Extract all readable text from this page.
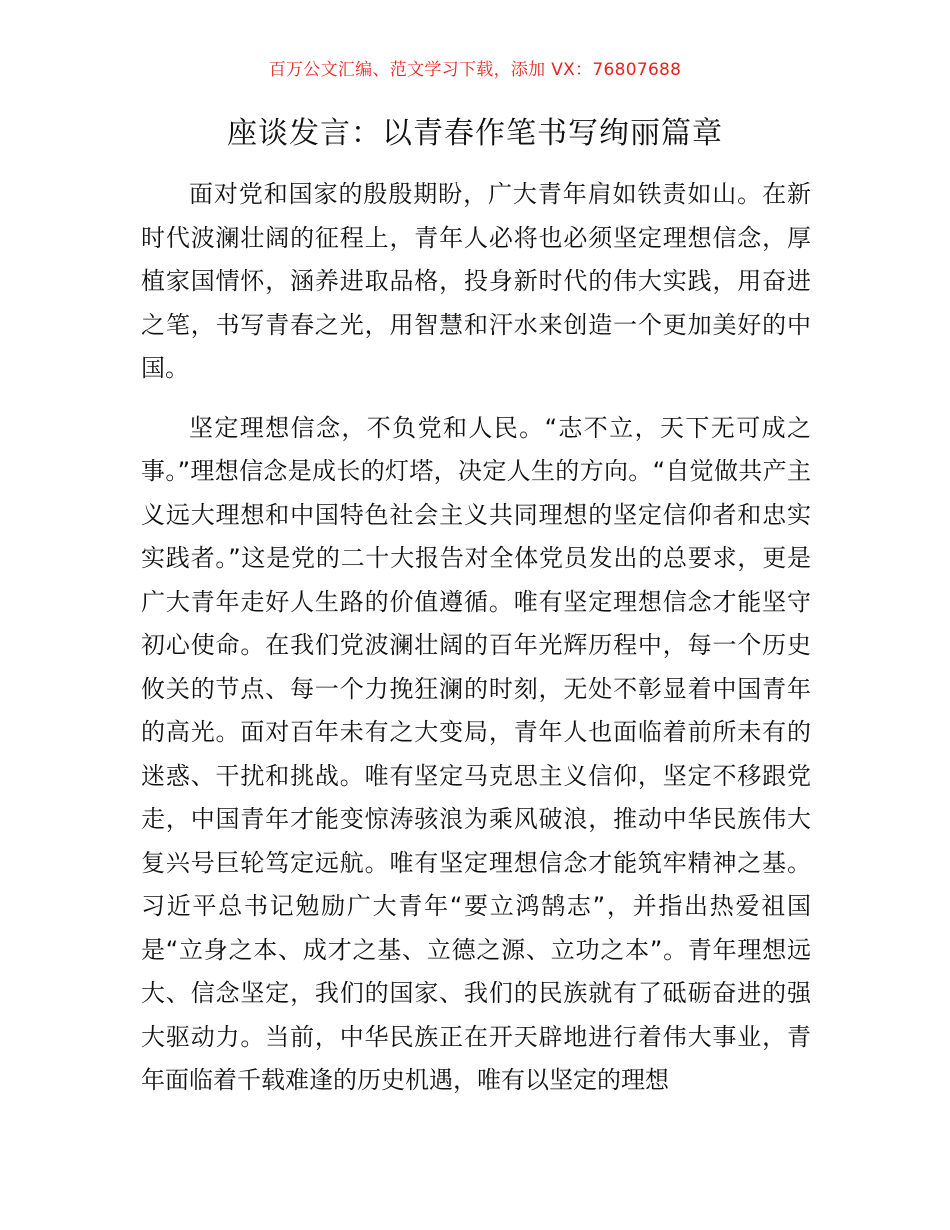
百万公文汇编、范文学习下载，添加 VX：76807688
座谈发言：以青春作笔书写绚丽篇章

面对党和国家的殷殷期盼，广大青年肩如铁责如山。在新时代波澜壮阔的征程上，青年人必将也必须坚定理想信念，厚植家国情怀，涵养进取品格，投身新时代的伟大实践，用奋进之笔，书写青春之光，用智慧和汗水来创造一个更加美好的中国。

坚定理想信念，不负党和人民。“志不立，天下无可成之事。”理想信念是成长的灯塔，决定人生的方向。“自觉做共产主义远大理想和中国特色社会主义共同理想的坚定信仰者和忠实实践者。”这是党的二十大报告对全体党员发出的总要求，更是广大青年走好人生路的价值遵循。唯有坚定理想信念才能坚守初心使命。在我们党波澜壮阔的百年光辉历程中，每一个历史攸关的节点、每一个力挽狂澜的时刻，无处不彰显着中国青年的高光。面对百年未有之大变局，青年人也面临着前所未有的迷惑、干扰和挑战。唯有坚定马克思主义信仰，坚定不移跟党走，中国青年才能变惊涛骇浪为乘风破浪，推动中华民族伟大复兴号巨轮笃定远航。唯有坚定理想信念才能筑牢精神之基。习近平总书记勉励广大青年“要立鸿鹄志”，并指出热爱祖国是“立身之本、成才之基、立德之源、立功之本”。青年理想远大、信念坚定，我们的国家、我们的民族就有了砥砺奋进的强大驱动力。当前，中华民族正在开天辟地进行着伟大事业，青年面临着千载难逢的历史机遇，唯有以坚定的理想
